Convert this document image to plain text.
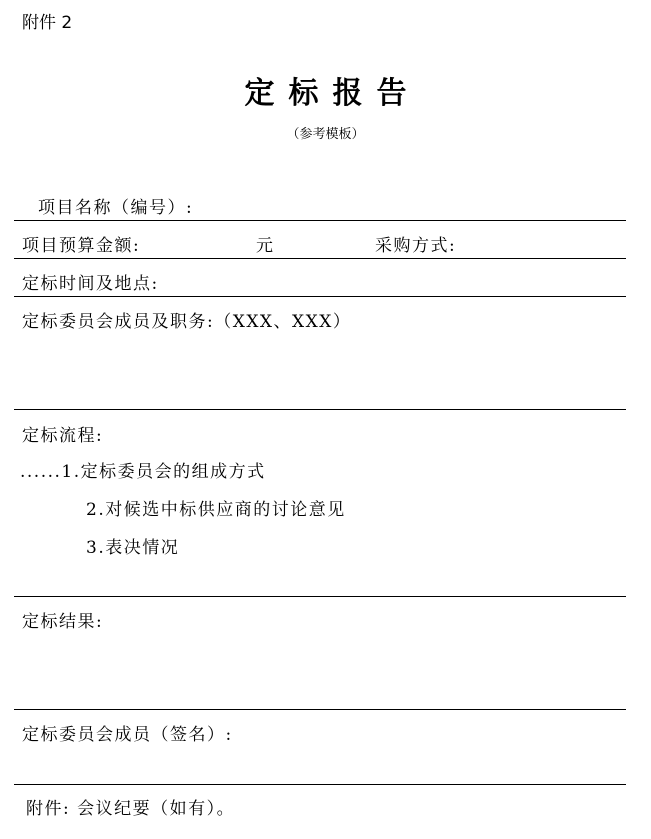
附件 2
定标报告
（参考模板）
项目名称（编号）:
项目预算金额:	元	采购方式:
定标时间及地点:
定标委员会成员及职务:（XXX、XXX）
定标流程:
......1.定标委员会的组成方式
2.对候选中标供应商的讨论意见
3.表决情况
定标结果:
定标委员会成员（签名）:
附件: 会议纪要（如有）。
